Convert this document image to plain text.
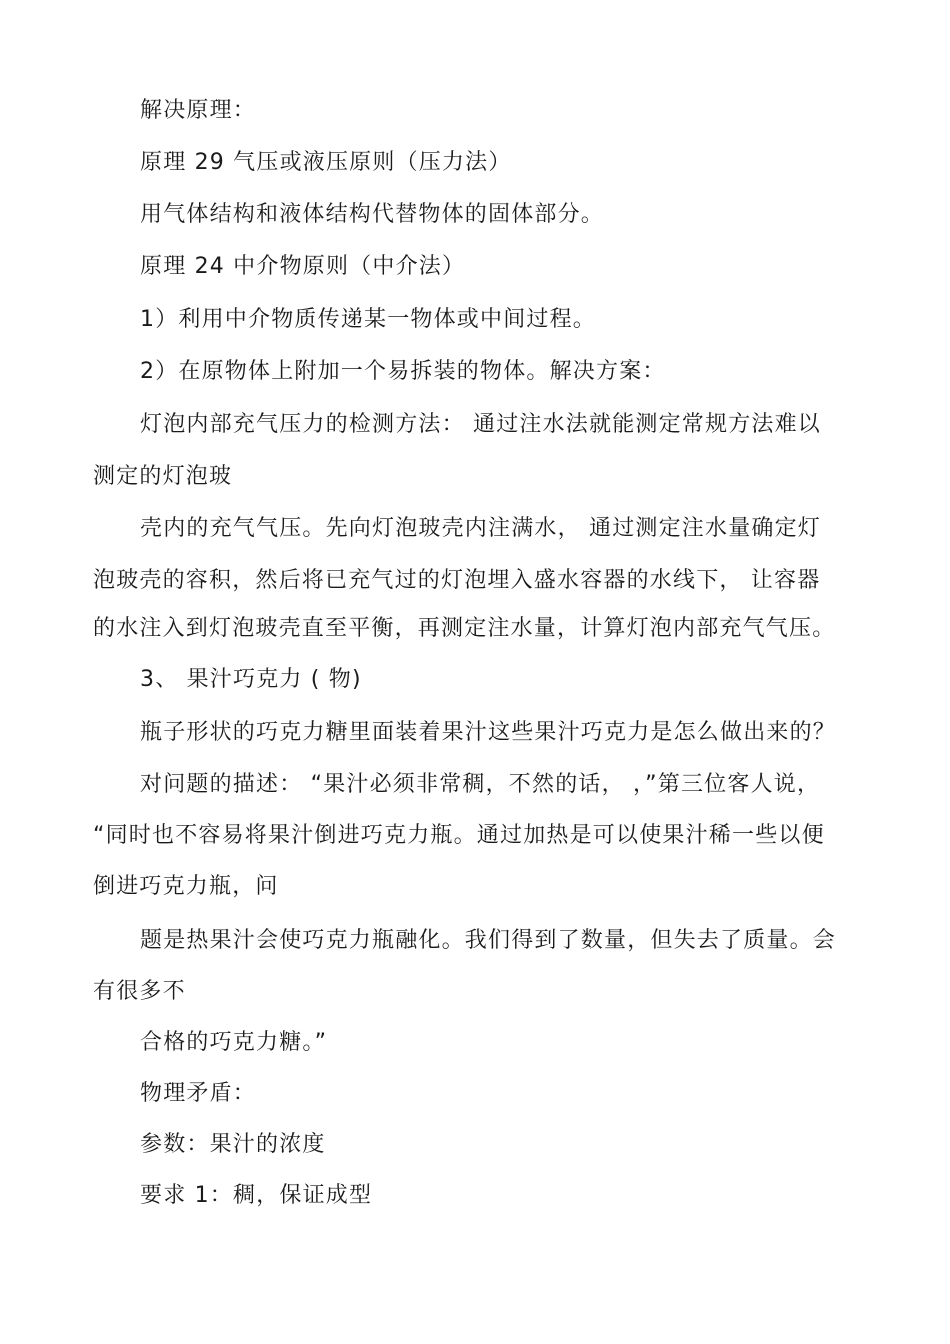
解决原理：
原理 29 气压或液压原则（压力法）
用气体结构和液体结构代替物体的固体部分。
原理 24 中介物原则（中介法）
1）利用中介物质传递某一物体或中间过程。
2）在原物体上附加一个易拆装的物体。解决方案：
灯泡内部充气压力的检测方法： 通过注水法就能测定常规方法难以
测定的灯泡玻
壳内的充气气压。先向灯泡玻壳内注满水， 通过测定注水量确定灯
泡玻壳的容积，然后将已充气过的灯泡埋入盛水容器的水线下， 让容器
的水注入到灯泡玻壳直至平衡，再测定注水量，计算灯泡内部充气气压。
3、 果汁巧克力 ( 物)
瓶子形状的巧克力糖里面装着果汁这些果汁巧克力是怎么做出来的？
对问题的描述： “果汁必须非常稠，不然的话， ，”第三位客人说，
“同时也不容易将果汁倒进巧克力瓶。通过加热是可以使果汁稀一些以便
倒进巧克力瓶，问
题是热果汁会使巧克力瓶融化。我们得到了数量，但失去了质量。会
有很多不
合格的巧克力糖。”
物理矛盾：
参数：果汁的浓度
要求 1：稠，保证成型
